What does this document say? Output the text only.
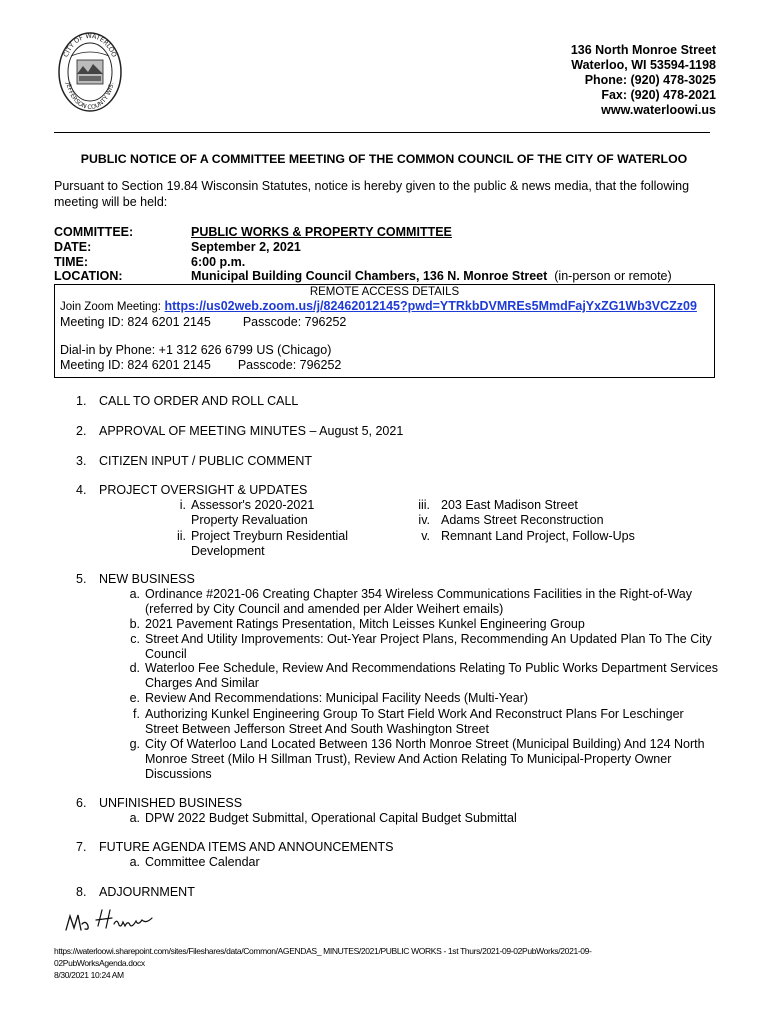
CITY OF WATERLOO
JEFFERSON COUNTY WIS.
136 North Monroe Street
Waterloo, WI 53594-1198
Phone: (920) 478-3025
Fax: (920) 478-2021
www.waterloowi.us
PUBLIC NOTICE OF A COMMITTEE MEETING OF THE COMMON COUNCIL OF THE CITY OF WATERLOO
Pursuant to Section 19.84 Wisconsin Statutes, notice is hereby given to the public & news media, that the following meeting will be held:
COMMITTEE:	PUBLIC WORKS & PROPERTY COMMITTEE
DATE:	September 2, 2021
TIME:	6:00 p.m.
LOCATION:	Municipal Building Council Chambers, 136 N. Monroe Street (in-person or remote)
REMOTE ACCESS DETAILS
Join Zoom Meeting: https://us02web.zoom.us/j/82462012145?pwd=YTRkbDVMREs5MmdFajYxZG1Wb3VCZz09
Meeting ID: 824 6201 2145	Passcode: 796252
Dial-in by Phone: +1 312 626 6799 US (Chicago)
Meeting ID: 824 6201 2145 Passcode: 796252
1.	CALL TO ORDER AND ROLL CALL
2.	APPROVAL OF MEETING MINUTES – August 5, 2021
3.	CITIZEN INPUT / PUBLIC COMMENT
4.	PROJECT OVERSIGHT & UPDATES
i. Assessor's 2020-2021 Property Revaluation
ii. Project Treyburn Residential Development
iii. 203 East Madison Street
iv. Adams Street Reconstruction
v. Remnant Land Project, Follow-Ups
5.	NEW BUSINESS
a. Ordinance #2021-06 Creating Chapter 354 Wireless Communications Facilities in the Right-of-Way (referred by City Council and amended per Alder Weihert emails)
b. 2021 Pavement Ratings Presentation, Mitch Leisses Kunkel Engineering Group
c. Street And Utility Improvements: Out-Year Project Plans, Recommending An Updated Plan To The City Council
d. Waterloo Fee Schedule, Review And Recommendations Relating To Public Works Department Services Charges And Similar
e. Review And Recommendations: Municipal Facility Needs (Multi-Year)
f. Authorizing Kunkel Engineering Group To Start Field Work And Reconstruct Plans For Leschinger Street Between Jefferson Street And South Washington Street
g. City Of Waterloo Land Located Between 136 North Monroe Street (Municipal Building) And 124 North Monroe Street (Milo H Sillman Trust), Review And Action Relating To Municipal-Property Owner Discussions
6.	UNFINISHED BUSINESS
a. DPW 2022 Budget Submittal, Operational Capital Budget Submittal
7.	FUTURE AGENDA ITEMS AND ANNOUNCEMENTS
a. Committee Calendar
8.	ADJOURNMENT
https://waterloowi.sharepoint.com/sites/Fileshares/data/Common/AGENDAS_ MINUTES/2021/PUBLIC WORKS - 1st Thurs/2021-09-02PubWorks/2021-09-
02PubWorksAgenda.docx
8/30/2021 10:24 AM
